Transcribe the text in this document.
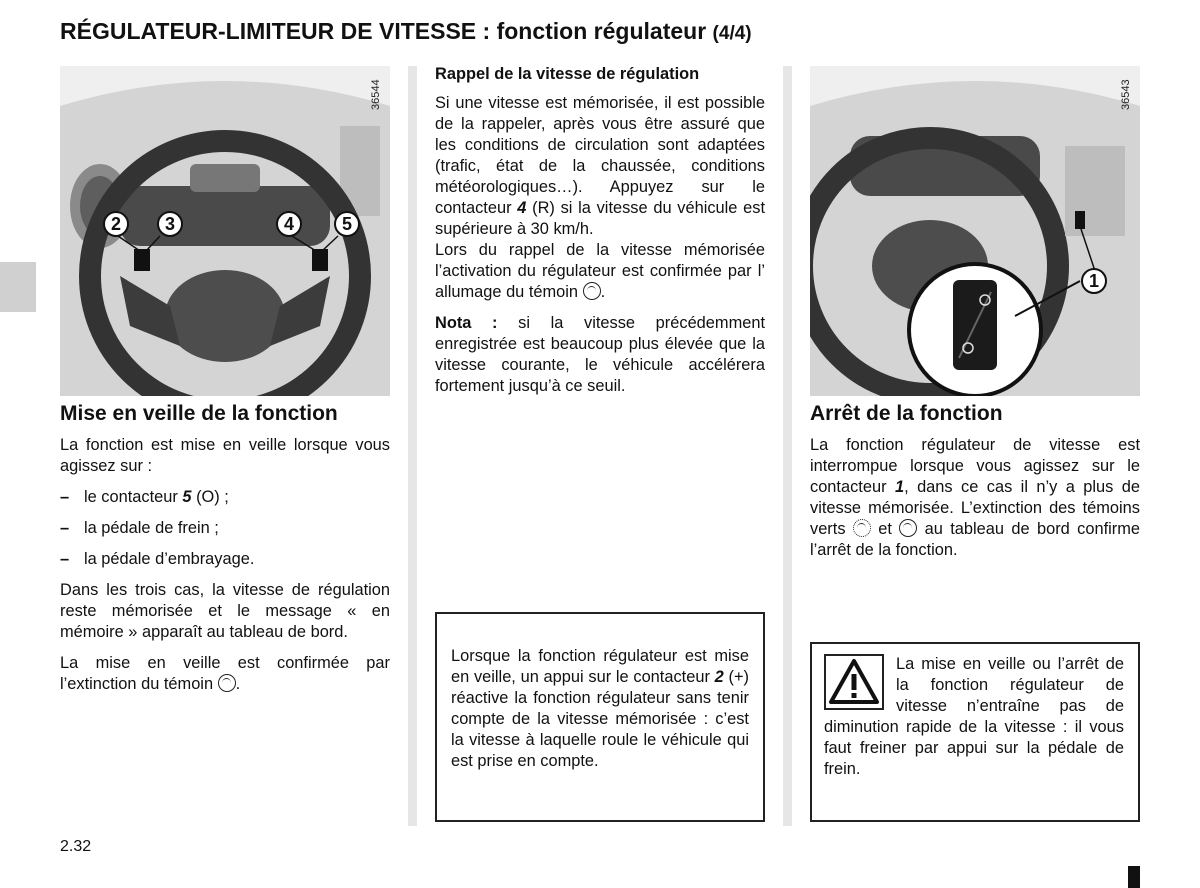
RÉGULATEUR-LIMITEUR DE VITESSE : fonction régulateur (4/4)
36544
2	3	4	5
36543
1
Mise en veille de la fonction

La fonction est mise en veille lorsque vous agissez sur :

– le contacteur 5 (O) ;
– la pédale de frein ;
– la pédale d’embrayage.

Dans les trois cas, la vitesse de régulation reste mémorisée et le message « en mémoire » apparaît au tableau de bord.

La mise en veille est confirmée par l’extinction du témoin .

Rappel de la vitesse de régulation

Si une vitesse est mémorisée, il est possible de la rappeler, après vous être assuré que les conditions de circulation sont adaptées (trafic, état de la chaussée, conditions météorologiques…). Appuyez sur le contacteur 4 (R) si la vitesse du véhicule est supérieure à 30 km/h.

Lors du rappel de la vitesse mémorisée l’activation du régulateur est confirmée par l’ allumage du témoin .

Nota : si la vitesse précédemment enregistrée est beaucoup plus élevée que la vitesse courante, le véhicule accélérera fortement jusqu’à ce seuil.

Lorsque la fonction régulateur est mise en veille, un appui sur le contacteur 2 (+) réactive la fonction régulateur sans tenir compte de la vitesse mémorisée : c’est la vitesse à laquelle roule le véhicule qui est prise en compte.

Arrêt de la fonction

La fonction régulateur de vitesse est interrompue lorsque vous agissez sur le contacteur 1, dans ce cas il n’y a plus de vitesse mémorisée. L’extinction des témoins verts  et  au tableau de bord confirme l’arrêt de la fonction.

La mise en veille ou l’arrêt de la fonction régulateur de vitesse n’entraîne pas de diminution rapide de la vitesse : il vous faut freiner par appui sur la pédale de frein.

2.32
